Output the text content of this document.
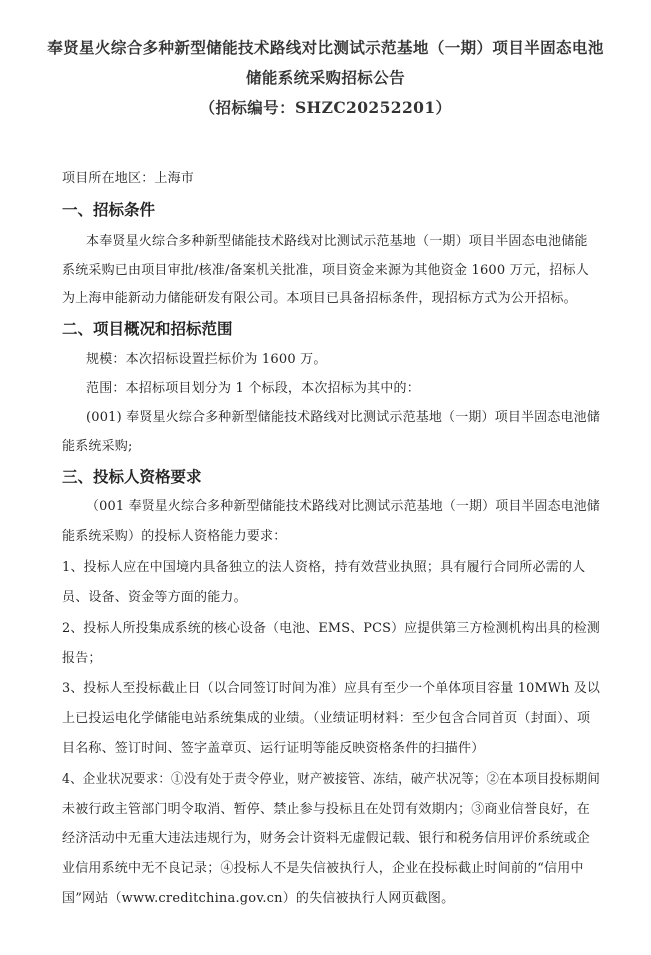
奉贤星火综合多种新型储能技术路线对比测试示范基地（一期）项目半固态电池
储能系统采购招标公告
（招标编号：SHZC20252201）
项目所在地区：上海市
一、招标条件
本奉贤星火综合多种新型储能技术路线对比测试示范基地（一期）项目半固态电池储能
系统采购已由项目审批/核准/备案机关批准，项目资金来源为其他资金 1600 万元，招标人
为上海申能新动力储能研发有限公司。本项目已具备招标条件，现招标方式为公开招标。
二、项目概况和招标范围
规模：本次招标设置拦标价为 1600 万。
范围：本招标项目划分为 1 个标段，本次招标为其中的：
(001) 奉贤星火综合多种新型储能技术路线对比测试示范基地（一期）项目半固态电池储
能系统采购;
三、投标人资格要求
（001 奉贤星火综合多种新型储能技术路线对比测试示范基地（一期）项目半固态电池储
能系统采购）的投标人资格能力要求：
1、投标人应在中国境内具备独立的法人资格，持有效营业执照；具有履行合同所必需的人
员、设备、资金等方面的能力。
2、投标人所投集成系统的核心设备（电池、EMS、PCS）应提供第三方检测机构出具的检测
报告；
3、投标人至投标截止日（以合同签订时间为准）应具有至少一个单体项目容量 10MWh 及以
上已投运电化学储能电站系统集成的业绩。（业绩证明材料：至少包含合同首页（封面）、项
目名称、签订时间、签字盖章页、运行证明等能反映资格条件的扫描件）
4、企业状况要求：①没有处于责令停业，财产被接管、冻结，破产状况等；②在本项目投标期间
未被行政主管部门明令取消、暂停、禁止参与投标且在处罚有效期内；③商业信誉良好，在
经济活动中无重大违法违规行为，财务会计资料无虚假记载、银行和税务信用评价系统或企
业信用系统中无不良记录；④投标人不是失信被执行人，企业在投标截止时间前的“信用中
国”网站（www.creditchina.gov.cn）的失信被执行人网页截图。
